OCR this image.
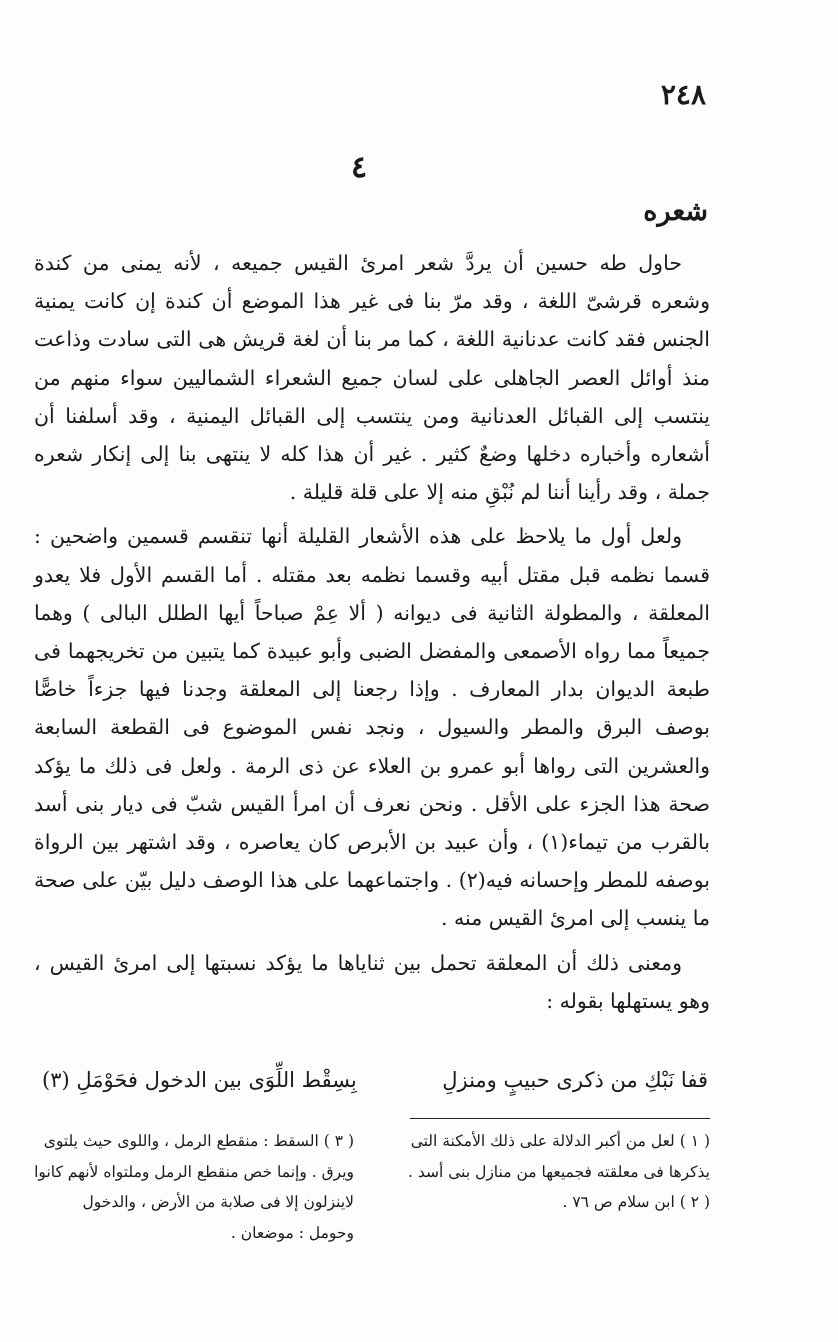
٢٤٨
٤
شعره

حاول طه حسين أن يردَّ شعر امرئ القيس جميعه ، لأنه يمنى من كندة وشعره قرشىّ اللغة ، وقد مرّ بنا فى غير هذا الموضع أن كندة إن كانت يمنية الجنس فقد كانت عدنانية اللغة ، كما مر بنا أن لغة قريش هى التى سادت وذاعت منذ أوائل العصر الجاهلى على لسان جميع الشعراء الشماليين سواء منهم من ينتسب إلى القبائل العدنانية ومن ينتسب إلى القبائل اليمنية ، وقد أسلفنا أن أشعاره وأخباره دخلها وضعٌ كثير . غير أن هذا كله لا ينتهى بنا إلى إنكار شعره جملة ، وقد رأينا أننا لم نُبْقِ منه إلا على قلة قليلة .

ولعل أول ما يلاحظ على هذه الأشعار القليلة أنها تنقسم قسمين واضحين : قسما نظمه قبل مقتل أبيه وقسما نظمه بعد مقتله . أما القسم الأول فلا يعدو المعلقة ، والمطولة الثانية فى ديوانه ( ألا عِمْ صباحاً أيها الطلل البالى ) وهما جميعاً مما رواه الأصمعى والمفضل الضبى وأبو عبيدة كما يتبين من تخريجهما فى طبعة الديوان بدار المعارف . وإذا رجعنا إلى المعلقة وجدنا فيها جزءاً خاصًّا بوصف البرق والمطر والسيول ، ونجد نفس الموضوع فى القطعة السابعة والعشرين التى رواها أبو عمرو بن العلاء عن ذى الرمة . ولعل فى ذلك ما يؤكد صحة هذا الجزء على الأقل . ونحن نعرف أن امرأ القيس شبّ فى ديار بنى أسد بالقرب من تيماء(١) ، وأن عبيد بن الأبرص كان يعاصره ، وقد اشتهر بين الرواة بوصفه للمطر وإحسانه فيه(٢) . واجتماعهما على هذا الوصف دليل بيّن على صحة ما ينسب إلى امرئ القيس منه .

ومعنى ذلك أن المعلقة تحمل بين ثناياها ما يؤكد نسبتها إلى امرئ القيس ، وهو يستهلها بقوله :

قفا نَبْكِ من ذكرى حبيبٍ ومنزلِ
بِسِقْط اللِّوَى بين الدخول فحَوْمَلِ (٣)

( ١ ) لعل من أكبر الدلالة على ذلك الأمكنة التى يذكرها فى معلقته فجميعها من منازل بنى أسد .

( ٢ ) ابن سلام ص ٧٦ .

( ٣ ) السقط : منقطع الرمل ، واللوى حيث يلتوى ويرق . وإنما خص منقطع الرمل وملتواه لأنهم كانوا لاينزلون إلا فى صلابة من الأرض ، والدخول وحومل : موضعان .
